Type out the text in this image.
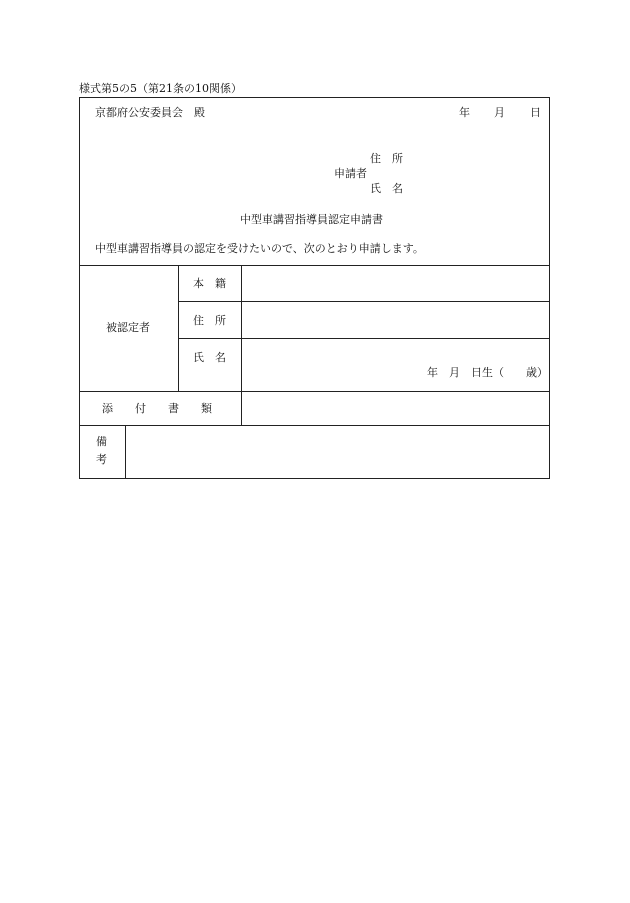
様式第5の5（第21条の10関係）
京都府公安委員会　殿	年 月 日
住　所
申請者
氏　名
中型車講習指導員認定申請書
中型車講習指導員の認定を受けたいので、次のとおり申請します。
被認定者
本　籍
住　所
氏　名
年　月　日生（　　歳）
添　　付　　書　　類
備
考
